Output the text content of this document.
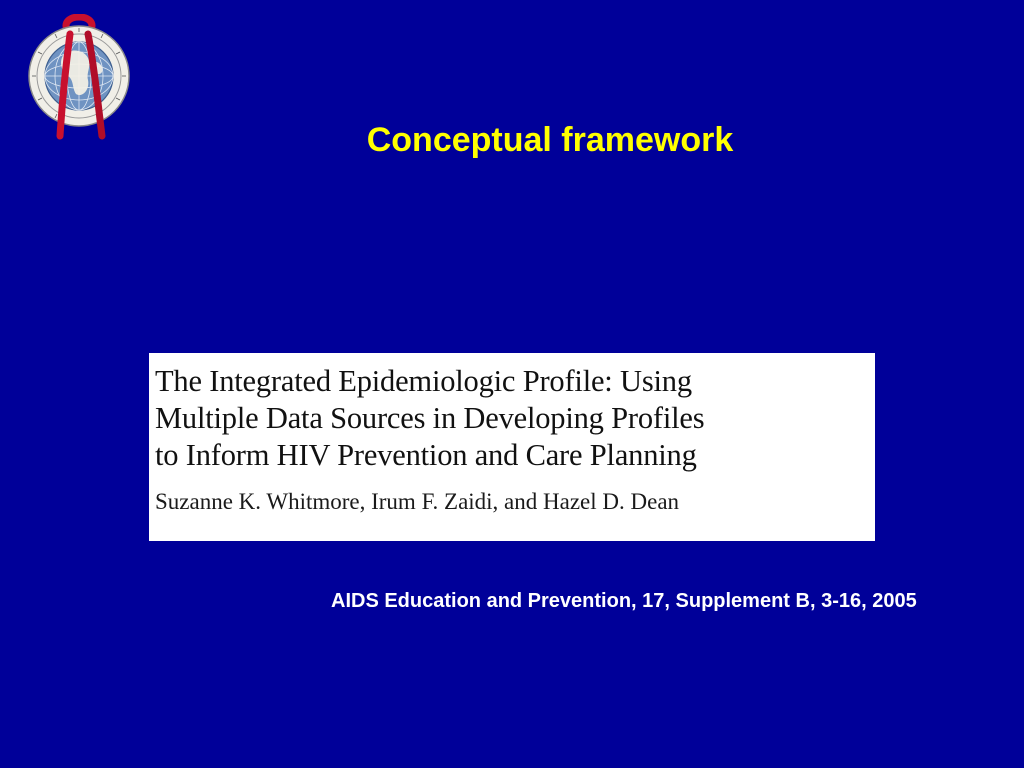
Conceptual framework
The Integrated Epidemiologic Profile: Using
Multiple Data Sources in Developing Profiles
to Inform HIV Prevention and Care Planning
Suzanne K. Whitmore, Irum F. Zaidi, and Hazel D. Dean
AIDS Education and Prevention, 17, Supplement B, 3-16, 2005
